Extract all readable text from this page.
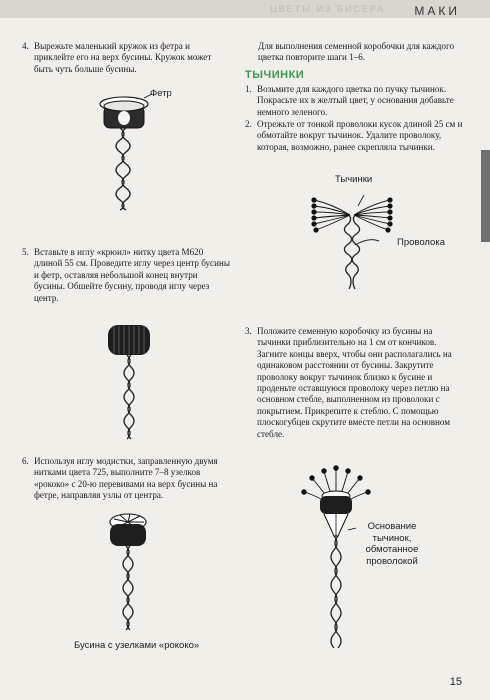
ЦВЕТЫ ИЗ БИСЕРА МАКИ
4. Вырежьте маленький кружок из фетра и приклейте его на верх бусины. Кружок может быть чуть больше бусины.

Фетр
5. Вставьте в иглу «крюил» нитку цвета М620 длиной 55 см. Проведите иглу через центр бусины и фетр, оставляя небольшой конец внутри бусины. Обшейте бусину, проводя иглу через центр.

6. Используя иглу модистки, заправленную двумя нитками цвета 725, выполните 7–8 узелков «рококо» с 20-ю перевивами на верх бусины на фетре, направляя узлы от центра.

Бусина с узелками «рококо»

Для выполнения семенной коробочки для каждого цветка повторите шаги 1–6.

ТЫЧИНКИ
1. Возьмите для каждого цветка по пучку тычинок. Покрасьте их в желтый цвет, у основания добавьте немного зеленого.

2. Отрежьте от тонкой проволоки кусок длиной 25 см и обмотайте вокруг тычинок. Удалите проволоку, которая, возможно, ранее скрепляла тычинки.

Тычинки
Проволока
3. Положите семенную коробочку из бусины на тычинки приблизительно на 1 см от кончиков. Загните концы вверх, чтобы они располагались на одинаковом расстоянии от бусины. Закрутите проволоку вокруг тычинок близко к бусине и проденьте оставшуюся проволоку через петлю на основном стебле, выполненном из проволоки с покрытием. Прикрепите к стеблю. С помощью плоскогубцев скрутите вместе петли на основном стебле.

Основание
тычинок,
обмотанное
проволокой
15
